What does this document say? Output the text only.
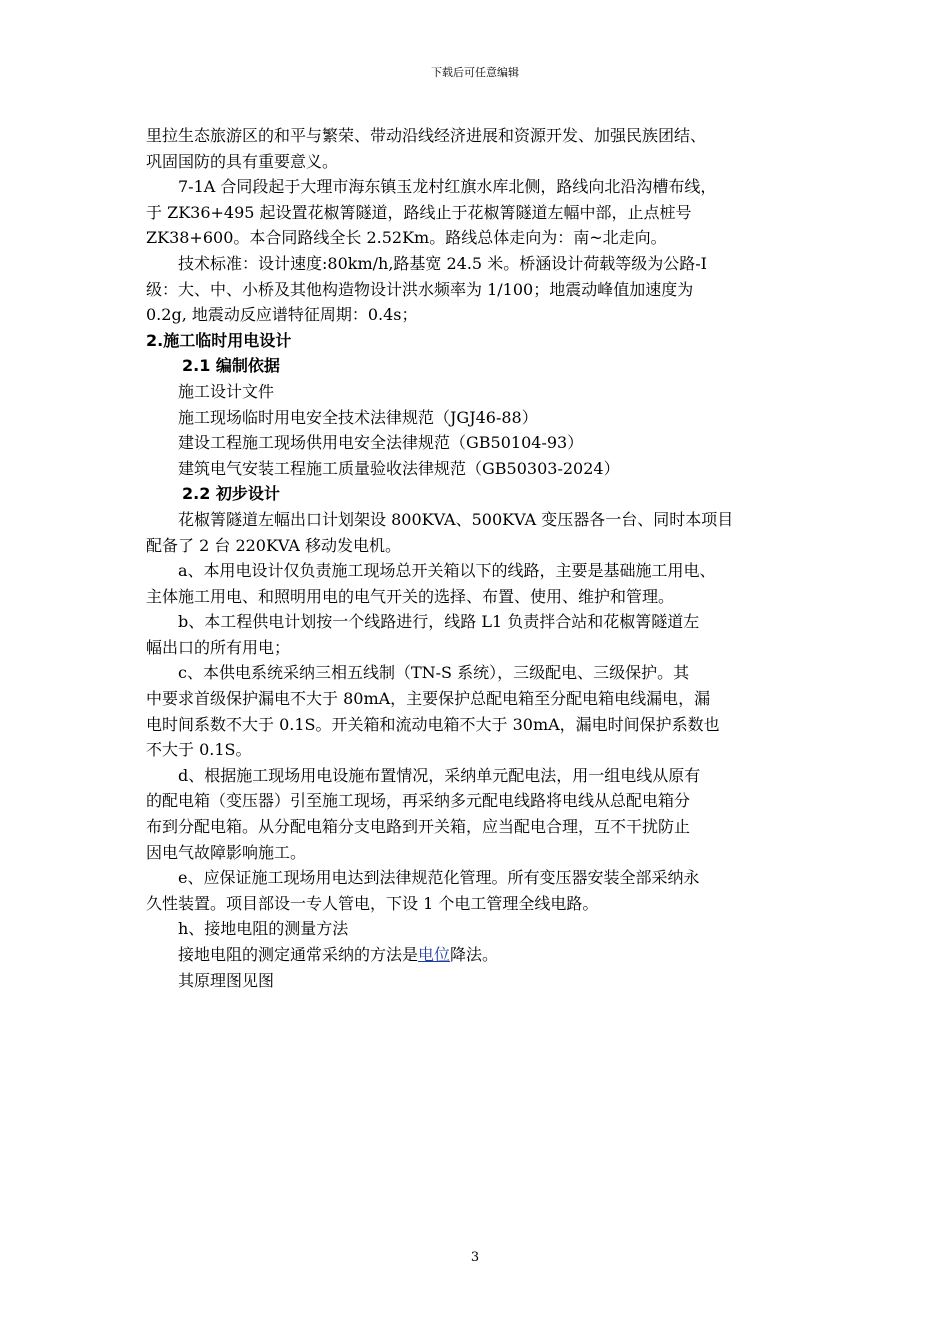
下载后可任意编辑

里拉生态旅游区的和平与繁荣、带动沿线经济进展和资源开发、加强民族团结、

巩固国防的具有重要意义。

7-1A 合同段起于大理市海东镇玉龙村红旗水库北侧，路线向北沿沟槽布线，

于 ZK36+495 起设置花椒箐隧道，路线止于花椒箐隧道左幅中部，止点桩号

ZK38+600。本合同路线全长 2.52Km。路线总体走向为：南~北走向。

技术标准：设计速度:80km/h,路基宽 24.5 米。桥涵设计荷载等级为公路-I

级：大、中、小桥及其他构造物设计洪水频率为 1/100；地震动峰值加速度为

0.2g, 地震动反应谱特征周期：0.4s；

2.施工临时用电设计

2.1 编制依据

施工设计文件

施工现场临时用电安全技术法律规范（JGJ46-88）

建设工程施工现场供用电安全法律规范（GB50104-93）

建筑电气安装工程施工质量验收法律规范（GB50303-2024）

2.2 初步设计

花椒箐隧道左幅出口计划架设 800KVA、500KVA 变压器各一台、同时本项目

配备了 2 台 220KVA 移动发电机。

a、本用电设计仅负责施工现场总开关箱以下的线路，主要是基础施工用电、

主体施工用电、和照明用电的电气开关的选择、布置、使用、维护和管理。

b、本工程供电计划按一个线路进行，线路 L1 负责拌合站和花椒箐隧道左

幅出口的所有用电；

c、本供电系统采纳三相五线制（TN-S 系统），三级配电、三级保护。其

中要求首级保护漏电不大于 80mA，主要保护总配电箱至分配电箱电线漏电，漏

电时间系数不大于 0.1S。开关箱和流动电箱不大于 30mA，漏电时间保护系数也

不大于 0.1S。

d、根据施工现场用电设施布置情况，采纳单元配电法，用一组电线从原有

的配电箱（变压器）引至施工现场，再采纳多元配电线路将电线从总配电箱分

布到分配电箱。从分配电箱分支电路到开关箱，应当配电合理，互不干扰防止

因电气故障影响施工。

e、应保证施工现场用电达到法律规范化管理。所有变压器安装全部采纳永

久性装置。项目部设一专人管电，下设 1 个电工管理全线电路。

h、接地电阻的测量方法

接地电阻的测定通常采纳的方法是电位降法。

其原理图见图

3
